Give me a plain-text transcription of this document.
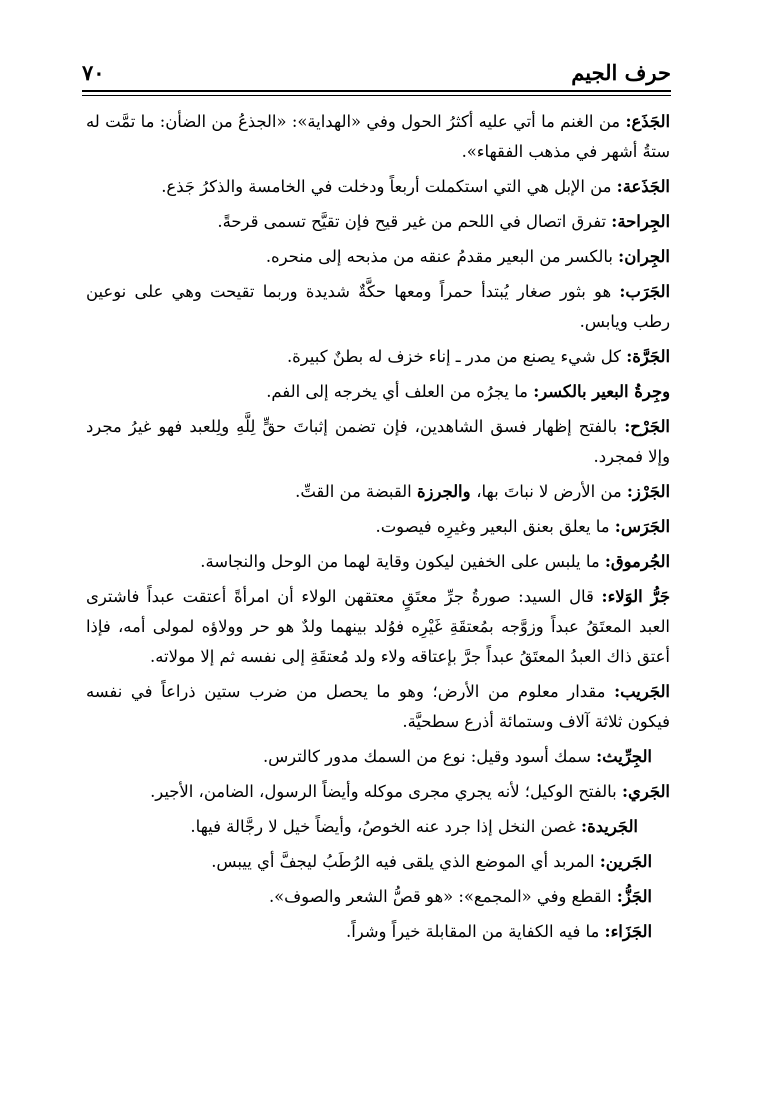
حرف الجيم
٧٠

الجَذَع: من الغنم ما أتي عليه أكثرُ الحول وفي «الهداية»: «الجذعُ من الضأن: ما تمَّت له ستةُ أشهر في مذهب الفقهاء».

الجَذَعة: من الإبل هي التي استكملت أربعاً ودخلت في الخامسة والذكرُ جَذع.

الجِراحة: تفرق اتصال في اللحم من غير قيح فإن تقيَّح تسمى قرحةً.

الجِران: بالكسر من البعير مقدمُ عنقه من مذبحه إلى منحره.

الجَرَب: هو بثور صغار يُبتدأ حمراً ومعها حكَّةٌ شديدة وربما تقيحت وهي على نوعين رطب ويابس.

الجَرَّة: كل شيء يصنع من مدر ـ إناء خزف له بطنٌ كبيرة.

وجِرةُ البعير بالكسر: ما يجرُه من العلف أي يخرجه إلى الفم.

الجَرْح: بالفتح إظهار فسق الشاهدين، فإن تضمن إثباتَ حقٍّ لِلَّهِ ولِلعبد فهو غيرُ مجرد وإلا فمجرد.

الجَرْز: من الأرض لا نباتَ بها، والجرزة القبضة من القتِّ.

الجَرَس: ما يعلق بعنق البعير وغيرِه فيصوت.

الجُرموق: ما يلبس على الخفين ليكون وقاية لهما من الوحل والنجاسة.

جَرُّ الوَلاء: قال السيد: صورةُ جرِّ معتَقٍ معتقهن الولاء أن امرأةً أعتقت عبداً فاشترى العبد المعتَقُ عبداً وزوَّجه بمُعتقَةِ غَيْرِه فوُلد بينهما ولدٌ هو حر وولاؤه لمولى أمه، فإذا أعتق ذاك العبدُ المعتَقُ عبداً جرَّ بإعتاقه ولاء ولد مُعتقَةِ إلى نفسه ثم إلا مولاته.

الجَريب: مقدار معلوم من الأرض؛ وهو ما يحصل من ضرب ستين ذراعاً في نفسه فيكون ثلاثة آلاف وستمائة أذرع سطحيَّة.

الجِرِّيث: سمك أسود وقيل: نوع من السمك مدور كالترس.

الجَري: بالفتح الوكيل؛ لأنه يجري مجرى موكله وأيضاً الرسول، الضامن، الأجير.

الجَريدة: غصن النخل إذا جرد عنه الخوصُ، وأيضاً خيل لا رجَّالة فيها.

الجَرين: المربد أي الموضع الذي يلقى فيه الرُطَبُ ليجفَّ أي ييبس.

الجَزُّ: القطع وفي «المجمع»: «هو قصُّ الشعر والصوف».

الجَزَاء: ما فيه الكفاية من المقابلة خيراً وشراً.
